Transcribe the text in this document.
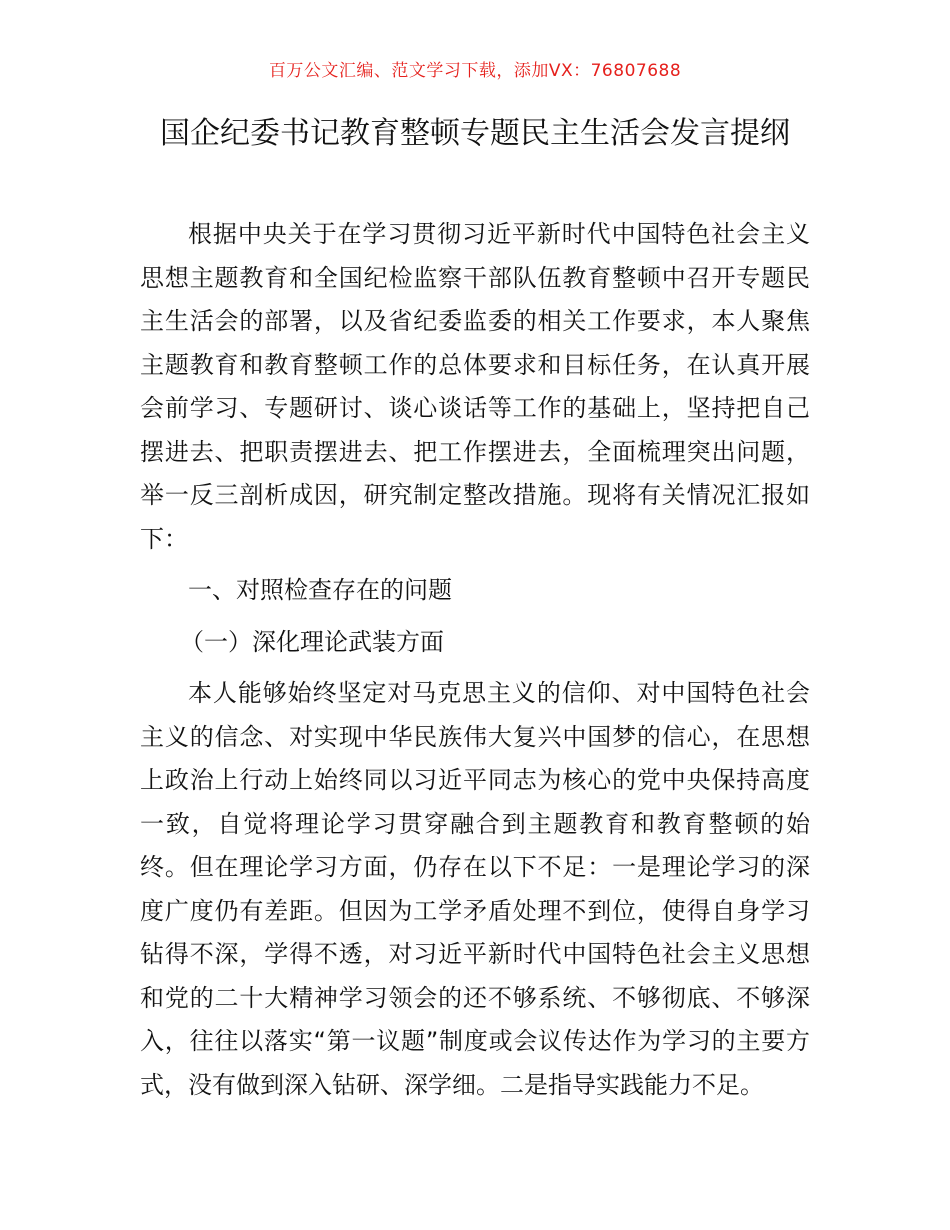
百万公文汇编、范文学习下载，添加VX：76807688
国企纪委书记教育整顿专题民主生活会发言提纲

根据中央关于在学习贯彻习近平新时代中国特色社会主义思想主题教育和全国纪检监察干部队伍教育整顿中召开专题民主生活会的部署，以及省纪委监委的相关工作要求，本人聚焦主题教育和教育整顿工作的总体要求和目标任务，在认真开展会前学习、专题研讨、谈心谈话等工作的基础上，坚持把自己摆进去、把职责摆进去、把工作摆进去，全面梳理突出问题，举一反三剖析成因，研究制定整改措施。现将有关情况汇报如下：

一、对照检查存在的问题

（一）深化理论武装方面

本人能够始终坚定对马克思主义的信仰、对中国特色社会主义的信念、对实现中华民族伟大复兴中国梦的信心，在思想上政治上行动上始终同以习近平同志为核心的党中央保持高度一致，自觉将理论学习贯穿融合到主题教育和教育整顿的始终。但在理论学习方面，仍存在以下不足：一是理论学习的深度广度仍有差距。但因为工学矛盾处理不到位，使得自身学习钻得不深，学得不透，对习近平新时代中国特色社会主义思想和党的二十大精神学习领会的还不够系统、不够彻底、不够深入，往往以落实“第一议题”制度或会议传达作为学习的主要方式，没有做到深入钻研、深学细。二是指导实践能力不足。
